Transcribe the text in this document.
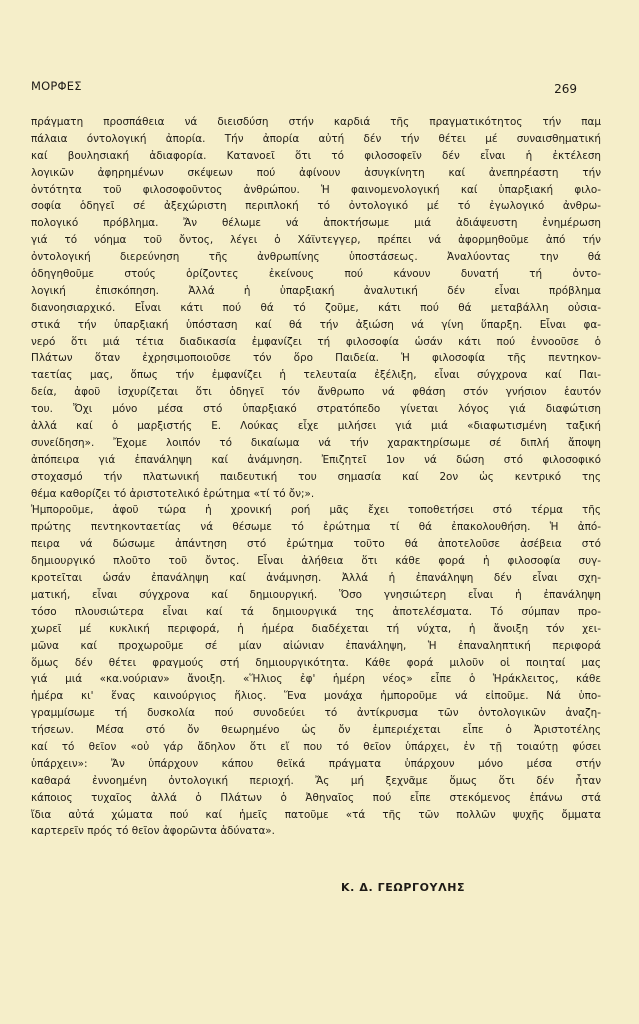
ΜΟΡΦΕΣ	269
πράγματη προσπάθεια νά διεισδύση στήν καρδιά τῆς πραγματικότητος τήν παμ
πάλαια όντολογική ἀπορία. Τήν ἀπορία αὐτή δέν τήν θέτει μέ συναισθηματική
καί βουλησιακή ἀδιαφορία. Κατανοεῖ ὅτι τό φιλοσοφεῖν δέν εἶναι ἡ ἐκτέλεση
λογικῶν ἀφηρημένων σκέψεων πού ἀφίνουν ἀσυγκίνητη καί ἀνεπηρέαστη τήν
ὀντότητα τοῦ φιλοσοφοῦντος ἀνθρώπου. Ἡ φαινομενολογική καί ὑπαρξιακή φιλο-
σοφία ὁδηγεῖ σέ ἀξεχώριστη περιπλοκή τό ὀντολογικό μέ τό ἐγωλογικό ἀνθρω-
πολογικό πρόβλημα. Ἄν θέλωμε νά ἀποκτήσωμε μιά ἀδιάψευστη ἐνημέρωση
γιά τό νόημα τοῦ ὄντος, λέγει ὁ Χάϊντεγγερ, πρέπει νά ἀφορμηθοῦμε ἀπό τήν
ὀντολογική διερεύνηση τῆς ἀνθρωπίνης ὑποστάσεως. Ἀναλύοντας την θά
ὁδηγηθοῦμε στούς ὁρίζοντες ἐκείνους πού κάνουν δυνατή τή ὀντο-
λογική ἐπισκόπηση. Ἀλλά ἡ ὑπαρξιακή ἀναλυτική δέν εἶναι πρόβλημα
διανοησιαρχικό. Εἶναι κάτι πού θά τό ζοῦμε, κάτι πού θά μεταβάλλη οὐσια-
στικά τήν ὑπαρξιακή ὑπόσταση καί θά τήν ἀξιώση νά γίνη ὕπαρξη. Εἶναι φα-
νερό ὅτι μιά τέτια διαδικασία ἐμφανίζει τή φιλοσοφία ὡσάν κάτι πού ἐννοοῦσε ὁ
Πλάτων ὅταν ἐχρησιμοποιοῦσε τόν ὅρο Παιδεία. Ἡ φιλοσοφία τῆς πεντηκον-
ταετίας μας, ὅπως τήν ἐμφανίζει ἡ τελευταία ἐξέλιξη, εἶναι σύγχρονα καί Παι-
δεία, ἀφοῦ ἰσχυρίζεται ὅτι ὁδηγεῖ τόν ἄνθρωπο νά φθάση στόν γνήσιον ἑαυτόν
του. Ὄχι μόνο μέσα στό ὑπαρξιακό στρατόπεδο γίνεται λόγος γιά διαφώτιση
ἀλλά καί ὁ μαρξιστής Ε. Λούκας εἶχε μιλήσει γιά μιά «διαφωτισμένη ταξική
συνείδηση». Ἔχομε λοιπόν τό δικαίωμα νά τήν χαρακτηρίσωμε σέ διπλή ἄποψη
ἀπόπειρα γιά ἐπανάληψη καί ἀνάμνηση. Ἐπιζητεῖ 1ον νά δώση στό φιλοσοφικό
στοχασμό τήν πλατωνική παιδευτική του σημασία καί 2ον ὡς κεντρικό της
θέμα καθορίζει τό ἀριστοτελικό ἐρώτημα «τί τό ὄν;».
Ἠμποροῦμε, ἀφοῦ τώρα ἡ χρονική ροή μᾶς ἔχει τοποθετήσει στό τέρμα τῆς
πρώτης πεντηκονταετίας νά θέσωμε τό ἐρώτημα τί θά ἐπακολουθήση. Ἡ ἀπό-
πειρα νά δώσωμε ἀπάντηση στό ἐρώτημα τοῦτο θά ἀποτελοῦσε ἀσέβεια στό
δημιουργικό πλοῦτο τοῦ ὄντος. Εἶναι ἀλήθεια ὅτι κάθε φορά ἡ φιλοσοφία συγ-
κροτεῖται ὡσάν ἐπανάληψη καί ἀνάμνηση. Ἀλλά ἡ ἐπανάληψη δέν εἶναι σχη-
ματική, εἶναι σύγχρονα καί δημιουργική. Ὅσο γνησιώτερη εἶναι ἡ ἐπανάληψη
τόσο πλουσιώτερα εἶναι καί τά δημιουργικά της ἀποτελέσματα. Τό σύμπαν προ-
χωρεῖ μέ κυκλική περιφορά, ἡ ἡμέρα διαδέχεται τή νύχτα, ἡ ἄνοιξη τόν χει-
μῶνα καί προχωροῦμε σέ μίαν αἰώνιαν ἐπανάληψη, Ἡ ἐπαναληπτική περιφορά
ὅμως δέν θέτει φραγμούς στή δημιουργικότητα. Κάθε φορά μιλοῦν οἱ ποιηταί μας
γιά μιά «κα.νούριαν» ἄνοιξη. «Ἥλιος ἐφ' ἡμέρη νέος» εἶπε ὁ Ἡράκλειτος, κάθε
ἡμέρα κι' ἕνας καινούργιος ἥλιος. Ἕνα μονάχα ἠμποροῦμε νά εἰποῦμε. Νά ὑπο-
γραμμίσωμε τή δυσκολία πού συνοδεύει τό ἀντίκρυσμα τῶν ὀντολογικῶν ἀναζη-
τήσεων. Μέσα στό ὄν θεωρημένο ὡς ὄν ἐμπεριέχεται εἶπε ὁ Ἀριστοτέλης
καί τό θεῖον «οὐ γάρ ἄδηλον ὅτι εἴ που τό θεῖον ὑπάρχει, ἐν τῇ τοιαύτῃ φύσει
ὑπάρχειν»: Ἄν ὑπάρχουν κάπου θεϊκά πράγματα ὑπάρχουν μόνο μέσα στήν
καθαρά ἐννοημένη ὀντολογική περιοχή. Ἄς μή ξεχνᾶμε ὅμως ὅτι δέν ἦταν
κάποιος τυχαῖος ἀλλά ὁ Πλάτων ὁ Ἀθηναῖος πού εἶπε στεκόμενος ἐπάνω στά
ἴδια αὐτά χώματα πού καί ἡμεῖς πατοῦμε «τά τῆς τῶν πολλῶν ψυχῆς ὄμματα
καρτερεῖν πρός τό θεῖον ἀφορῶντα ἀδύνατα».
Κ. Δ. ΓΕΩΡΓΟΥΛΗΣ
